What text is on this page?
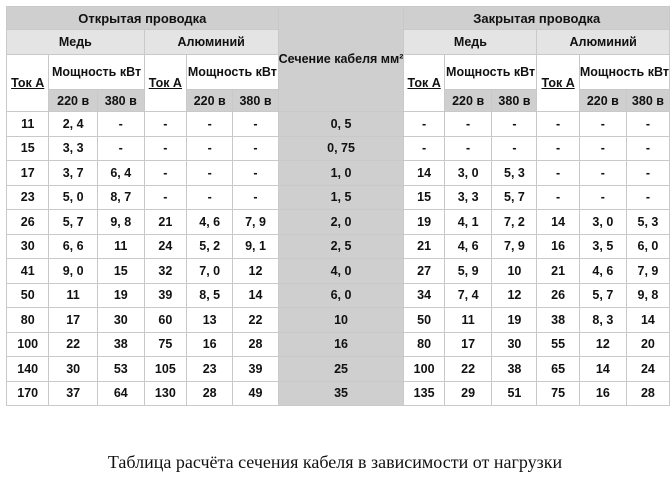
Открытая проводка						Сечение кабеля мм²	Закрытая проводка					
Медь			Алюминий				Медь			Алюминий		
Ток А	Мощность кВт		Ток А	Мощность кВт			Ток А	Мощность кВт		Ток А	Мощность кВт	
	220 в	380 в		220 в	380 в			220 в	380 в		220 в	380 в
11	2, 4	-	-	-	-	0, 5	-	-	-	-	-	-
15	3, 3	-	-	-	-	0, 75	-	-	-	-	-	-
17	3, 7	6, 4	-	-	-	1, 0	14	3, 0	5, 3	-	-	-
23	5, 0	8, 7	-	-	-	1, 5	15	3, 3	5, 7	-	-	-
26	5, 7	9, 8	21	4, 6	7, 9	2, 0	19	4, 1	7, 2	14	3, 0	5, 3
30	6, 6	11	24	5, 2	9, 1	2, 5	21	4, 6	7, 9	16	3, 5	6, 0
41	9, 0	15	32	7, 0	12	4, 0	27	5, 9	10	21	4, 6	7, 9
50	11	19	39	8, 5	14	6, 0	34	7, 4	12	26	5, 7	9, 8
80	17	30	60	13	22	10	50	11	19	38	8, 3	14
100	22	38	75	16	28	16	80	17	30	55	12	20
140	30	53	105	23	39	25	100	22	38	65	14	24
170	37	64	130	28	49	35	135	29	51	75	16	28
Таблица расчёта сечения кабеля в зависимости от нагрузки
